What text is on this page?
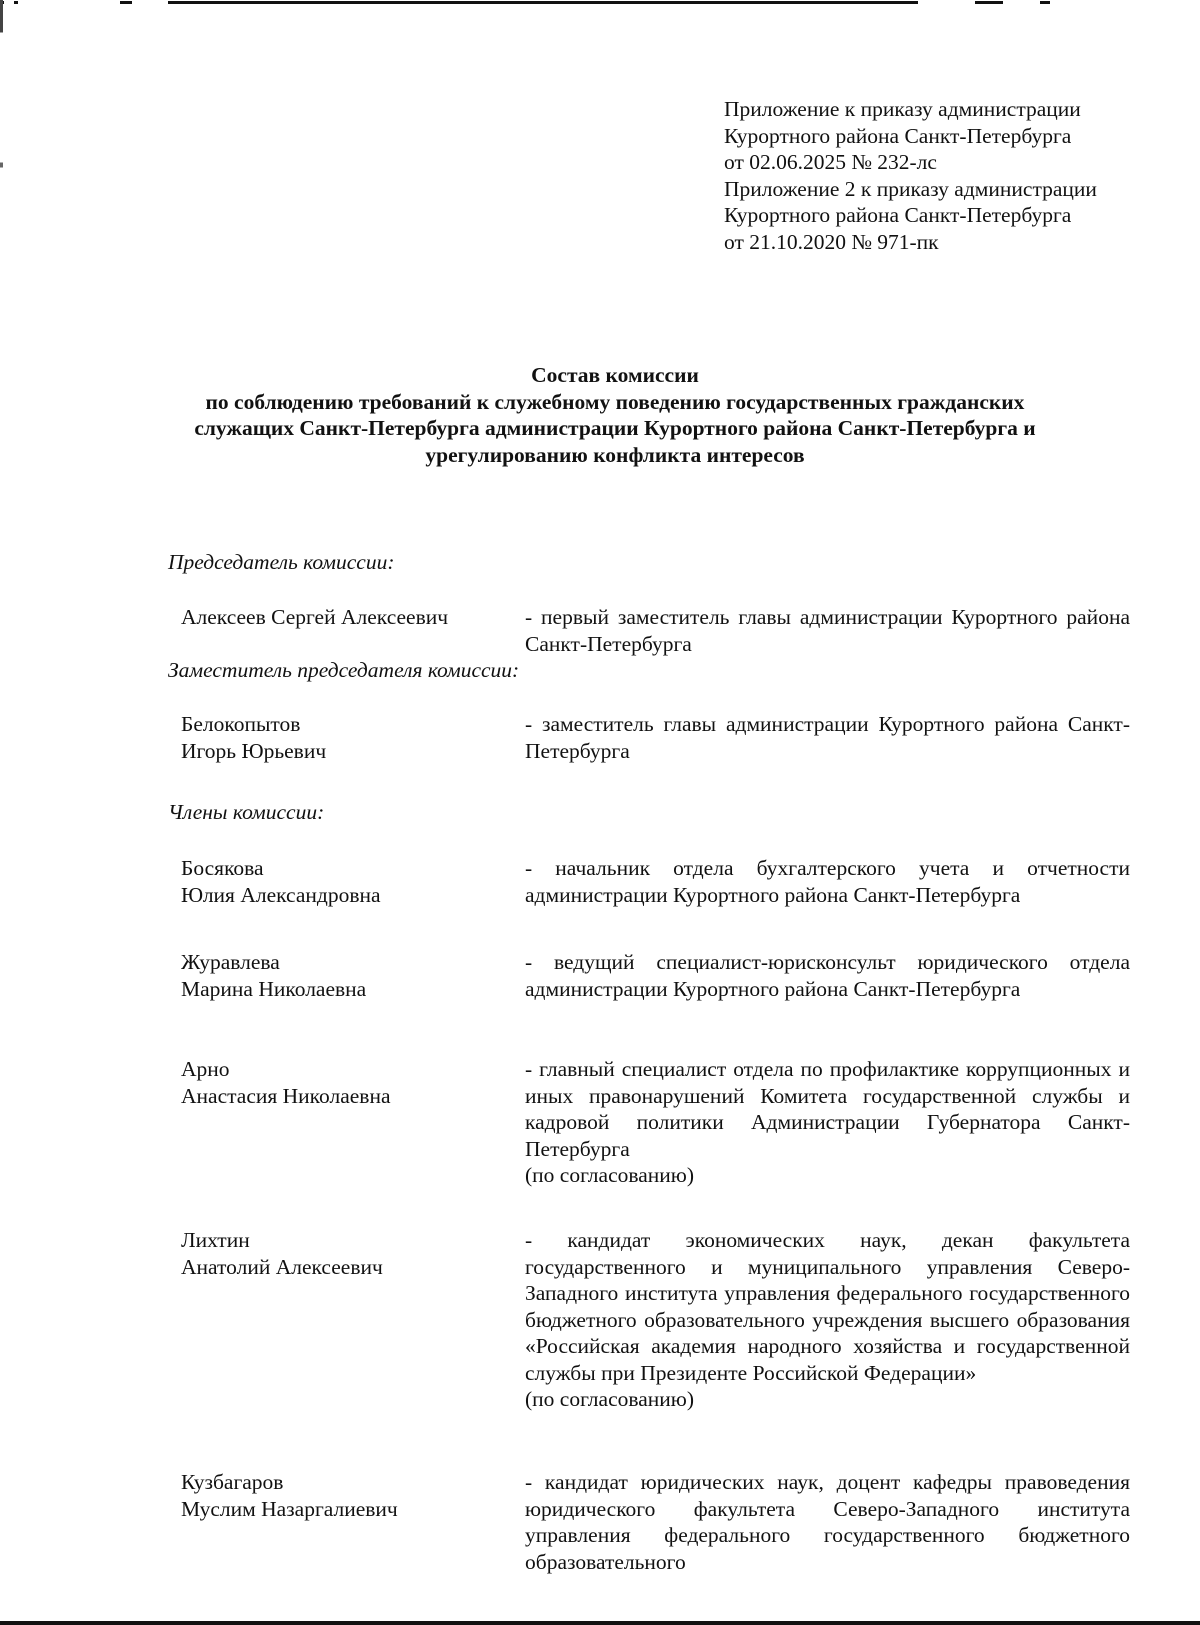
Приложение к приказу администрации
Курортного района Санкт-Петербурга
от 02.06.2025 № 232-лс
Приложение 2 к приказу администрации
Курортного района Санкт-Петербурга
от 21.10.2020 № 971-пк
Состав комиссии
по соблюдению требований к служебному поведению государственных гражданских
служащих Санкт-Петербурга администрации Курортного района Санкт-Петербурга и
урегулированию конфликта интересов
Председатель комиссии:
Алексеев Сергей Алексеевич	- первый заместитель главы администрации Курортного района Санкт-Петербурга
Заместитель председателя комиссии:
Белокопытов
Игорь Юрьевич
- заместитель главы администрации Курортного района Санкт-Петербурга
Члены комиссии:
Босякова
Юлия Александровна
- начальник отдела бухгалтерского учета и отчетности администрации Курортного района Санкт-Петербурга
Журавлева
Марина Николаевна
- ведущий специалист-юрисконсульт юридического отдела администрации Курортного района Санкт-Петербурга
Арно
Анастасия Николаевна
- главный специалист отдела по профилактике коррупционных и иных правонарушений Комитета государственной службы и кадровой политики Администрации Губернатора Санкт-Петербурга
(по согласованию)
Лихтин
Анатолий Алексеевич
- кандидат экономических наук, декан факультета государственного и муниципального управления Северо-Западного института управления федерального государственного бюджетного образовательного учреждения высшего образования «Российская академия народного хозяйства и государственной службы при Президенте Российской Федерации»
(по согласованию)
Кузбагаров
Муслим Назаргалиевич
- кандидат юридических наук, доцент кафедры правоведения юридического факультета Северо-Западного института управления федерального государственного бюджетного образовательного
